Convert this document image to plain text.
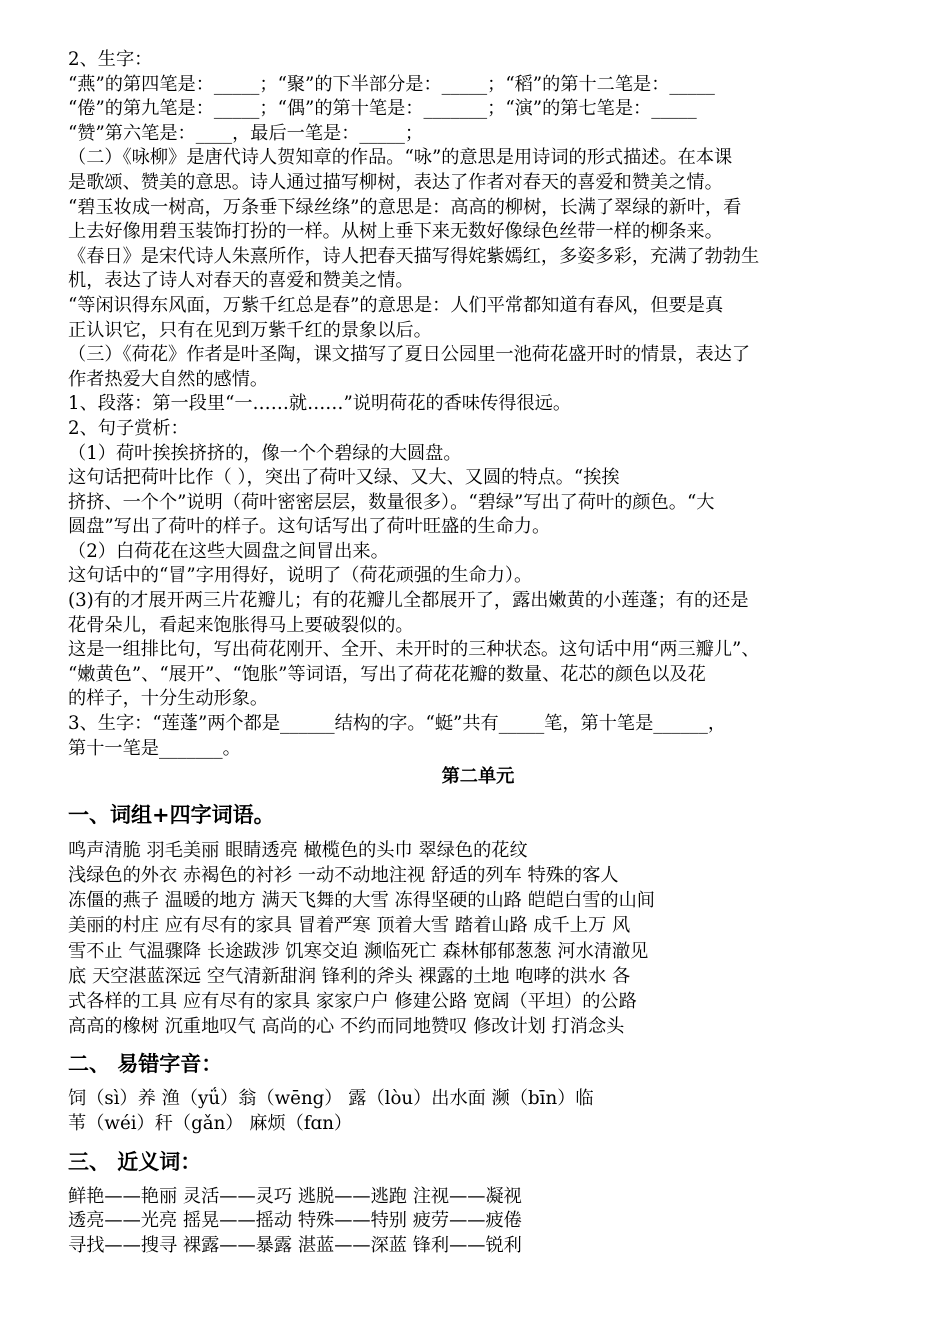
2、生字：
“燕”的第四笔是：_____；“聚”的下半部分是：_____；“稻”的第十二笔是：_____
“倦”的第九笔是：_____；“偶”的第十笔是：_______；“演”的第七笔是：_____
“赞”第六笔是：____，最后一笔是：_____；
（二）《咏柳》是唐代诗人贺知章的作品。“咏”的意思是用诗词的形式描述。在本课
是歌颂、赞美的意思。诗人通过描写柳树，表达了作者对春天的喜爱和赞美之情。
“碧玉妆成一树高，万条垂下绿丝绦”的意思是：高高的柳树，长满了翠绿的新叶，看
上去好像用碧玉装饰打扮的一样。从树上垂下来无数好像绿色丝带一样的柳条来。
《春日》是宋代诗人朱熹所作，诗人把春天描写得姹紫嫣红，多姿多彩，充满了勃勃生
机，表达了诗人对春天的喜爱和赞美之情。
“等闲识得东风面，万紫千红总是春”的意思是：人们平常都知道有春风，但要是真
正认识它，只有在见到万紫千红的景象以后。
（三）《荷花》作者是叶圣陶，课文描写了夏日公园里一池荷花盛开时的情景，表达了
作者热爱大自然的感情。
1、段落：第一段里“一……就……”说明荷花的香味传得很远。
2、句子赏析：
（1）荷叶挨挨挤挤的，像一个个碧绿的大圆盘。
这句话把荷叶比作（ ），突出了荷叶又绿、又大、又圆的特点。“挨挨
挤挤、一个个”说明（荷叶密密层层，数量很多）。“碧绿”写出了荷叶的颜色。“大
圆盘”写出了荷叶的样子。这句话写出了荷叶旺盛的生命力。
（2）白荷花在这些大圆盘之间冒出来。
这句话中的“冒”字用得好，说明了（荷花顽强的生命力）。
(3)有的才展开两三片花瓣儿；有的花瓣儿全都展开了，露出嫩黄的小莲蓬；有的还是
花骨朵儿，看起来饱胀得马上要破裂似的。
这是一组排比句，写出荷花刚开、全开、未开时的三种状态。这句话中用“两三瓣儿”、
“嫩黄色”、“展开”、“饱胀”等词语，写出了荷花花瓣的数量、花芯的颜色以及花
的样子，十分生动形象。
3、生字：“莲蓬”两个都是______结构的字。“蜓”共有_____笔，第十笔是______，
第十一笔是_______。
第二单元
一、词组+四字词语。
鸣声清脆 羽毛美丽 眼睛透亮 橄榄色的头巾 翠绿色的花纹
浅绿色的外衣 赤褐色的衬衫 一动不动地注视 舒适的列车 特殊的客人
冻僵的燕子 温暖的地方 满天飞舞的大雪 冻得坚硬的山路 皑皑白雪的山间
美丽的村庄 应有尽有的家具 冒着严寒 顶着大雪 踏着山路 成千上万 风
雪不止 气温骤降 长途跋涉 饥寒交迫 濒临死亡 森林郁郁葱葱 河水清澈见
底 天空湛蓝深远 空气清新甜润 锋利的斧头 裸露的土地 咆哮的洪水 各
式各样的工具 应有尽有的家具 家家户户 修建公路 宽阔（平坦）的公路
高高的橡树 沉重地叹气 高尚的心 不约而同地赞叹 修改计划 打消念头
二、 易错字音：
饲（sì）养 渔（yǘ）翁（wēng） 露（lòu）出水面 濒（bīn）临
苇（wéi）秆（gǎn） 麻烦（fɑn）
三、 近义词：
鲜艳——艳丽 灵活——灵巧 逃脱——逃跑 注视——凝视
透亮——光亮 摇晃——摇动 特殊——特别 疲劳——疲倦
寻找——搜寻 裸露——暴露 湛蓝——深蓝 锋利——锐利
